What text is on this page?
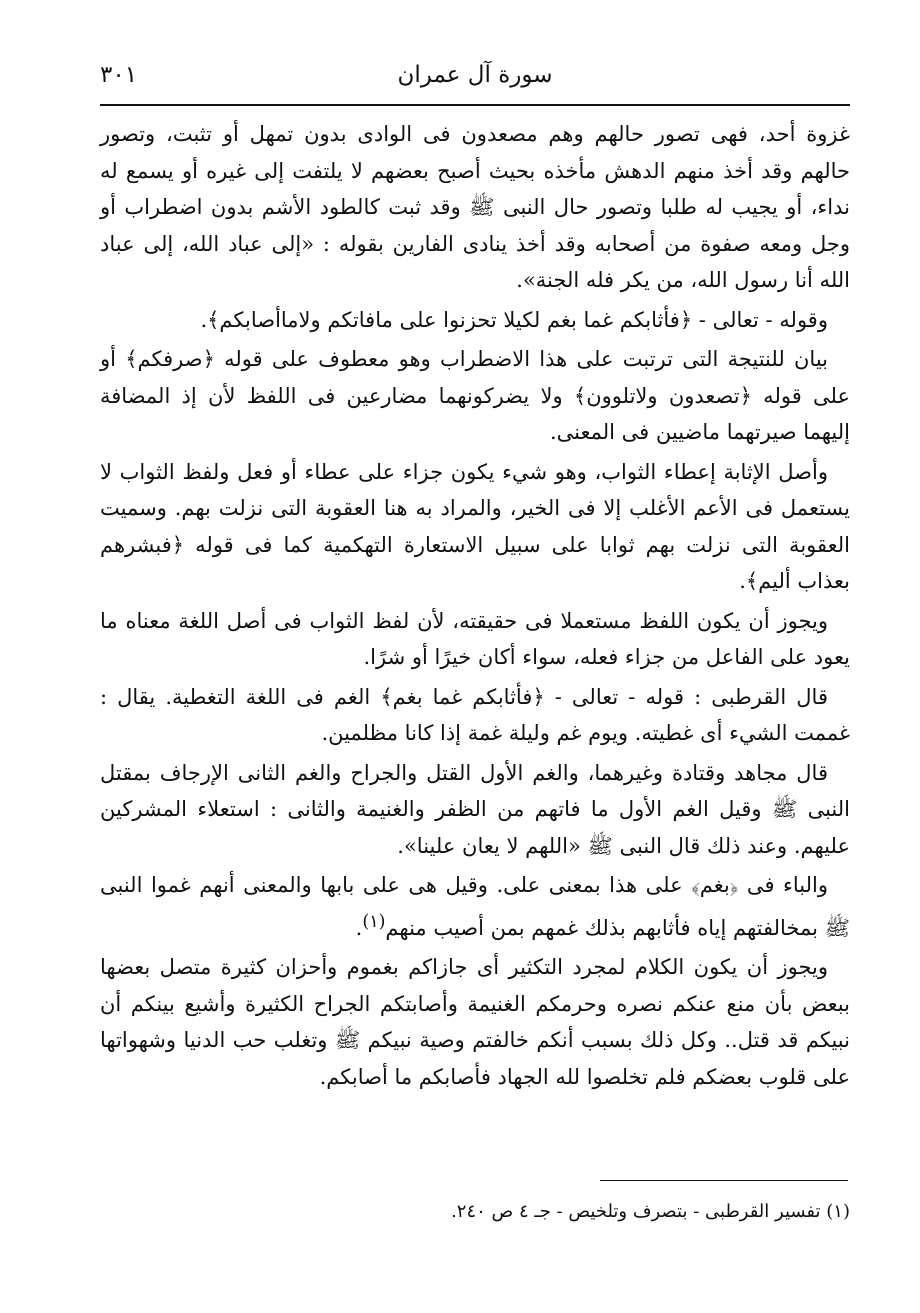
سورة آل عمران
٣٠١

غزوة أحد، فهى تصور حالهم وهم مصعدون فى الوادى بدون تمهل أو تثبت، وتصور حالهم وقد أخذ منهم الدهش مأخذه بحيث أصبح بعضهم لا يلتفت إلى غيره أو يسمع له نداء، أو يجيب له طلبا وتصور حال النبى ﷺ وقد ثبت كالطود الأشم بدون اضطراب أو وجل ومعه صفوة من أصحابه وقد أخذ ينادى الفارين بقوله : «إلى عباد الله، إلى عباد الله أنا رسول الله، من يكر فله الجنة».

وقوله - تعالى - ﴿فأثابكم غما بغم لكيلا تحزنوا على مافاتكم ولاماأصابكم﴾.

بيان للنتيجة التى ترتبت على هذا الاضطراب وهو معطوف على قوله ﴿صرفكم﴾ أو على قوله ﴿تصعدون ولاتلوون﴾ ولا يضركونهما مضارعين فى اللفظ لأن إذ المضافة إليهما صيرتهما ماضيين فى المعنى.

وأصل الإثابة إعطاء الثواب، وهو شيء يكون جزاء على عطاء أو فعل ولفظ الثواب لا يستعمل فى الأعم الأغلب إلا فى الخير، والمراد به هنا العقوبة التى نزلت بهم. وسميت العقوبة التى نزلت بهم ثوابا على سبيل الاستعارة التهكمية كما فى قوله ﴿فبشرهم بعذاب أليم﴾.

ويجوز أن يكون اللفظ مستعملا فى حقيقته، لأن لفظ الثواب فى أصل اللغة معناه ما يعود على الفاعل من جزاء فعله، سواء أكان خيرًا أو شرًا.

قال القرطبى : قوله - تعالى - ﴿فأثابكم غما بغم﴾ الغم فى اللغة التغطية. يقال : غممت الشيء أى غطيته. ويوم غم وليلة غمة إذا كانا مظلمين.

قال مجاهد وقتادة وغيرهما، والغم الأول القتل والجراح والغم الثانى الإرجاف بمقتل النبى ﷺ وقيل الغم الأول ما فاتهم من الظفر والغنيمة والثانى : استعلاء المشركين عليهم. وعند ذلك قال النبى ﷺ «اللهم لا يعان علينا».

والباء فى ﴿بغم﴾ على هذا بمعنى على. وقيل هى على بابها والمعنى أنهم غموا النبى ﷺ بمخالفتهم إياه فأثابهم بذلك غمهم بمن أصيب منهم$^{(١)}$.

ويجوز أن يكون الكلام لمجرد التكثير أى جازاكم بغموم وأحزان كثيرة متصل بعضها ببعض بأن منع عنكم نصره وحرمكم الغنيمة وأصابتكم الجراح الكثيرة وأشيع بينكم أن نبيكم قد قتل.. وكل ذلك بسبب أنكم خالفتم وصية نبيكم ﷺ وتغلب حب الدنيا وشهواتها على قلوب بعضكم فلم تخلصوا لله الجهاد فأصابكم ما أصابكم.

(١) تفسير القرطبى - بتصرف وتلخيص - جـ ٤ ص ٢٤٠.
